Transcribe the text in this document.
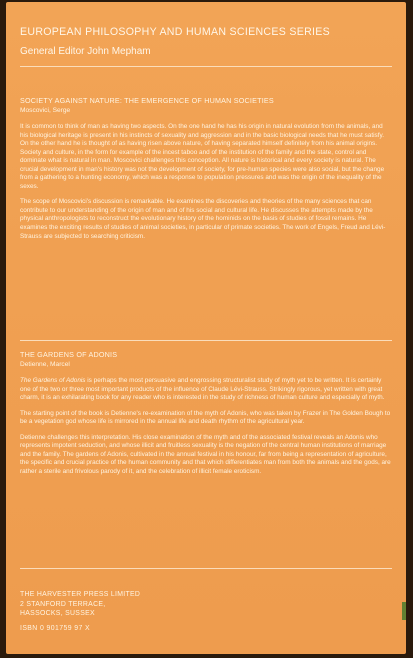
EUROPEAN PHILOSOPHY AND HUMAN SCIENCES SERIES
General Editor John Mepham

SOCIETY AGAINST NATURE: THE EMERGENCE OF HUMAN SOCIETIES

Moscovici, Serge

It is common to think of man as having two aspects. On the one hand he has his origin in natural evolution from the animals, and his biological heritage is present in his instincts of sexuality and aggression and in the basic biological needs that he must satisfy. On the other hand he is thought of as having risen above nature, of having separated himself definitely from his animal origins. Society and culture, in the form for example of the incest taboo and of the institution of the family and the state, control and dominate what is natural in man. Moscovici challenges this conception. All nature is historical and every society is natural. The crucial development in man's history was not the development of society, for pre-human species were also social, but the change from a gathering to a hunting economy, which was a response to population pressures and was the origin of the inequality of the sexes.

The scope of Moscovici's discussion is remarkable. He examines the discoveries and theories of the many sciences that can contribute to our understanding of the origin of man and of his social and cultural life. He discusses the attempts made by the physical anthropologists to reconstruct the evolutionary history of the hominids on the basis of studies of fossil remains. He examines the exciting results of studies of animal societies, in particular of primate societies. The work of Engels, Freud and Lévi-Strauss are subjected to searching criticism.

THE GARDENS OF ADONIS

Detienne, Marcel

The Gardens of Adonis is perhaps the most persuasive and engrossing structuralist study of myth yet to be written. It is certainly one of the two or three most important products of the influence of Claude Lévi-Strauss. Strikingly rigorous, yet written with great charm, it is an exhilarating book for any reader who is interested in the study of richness of human culture and especially of myth.

The starting point of the book is Detienne's re-examination of the myth of Adonis, who was taken by Frazer in The Golden Bough to be a vegetation god whose life is mirrored in the annual life and death rhythm of the agricultural year.

Detienne challenges this interpretation. His close examination of the myth and of the associated festival reveals an Adonis who represents impotent seduction, and whose illicit and fruitless sexuality is the negation of the central human institutions of marriage and the family. The gardens of Adonis, cultivated in the annual festival in his honour, far from being a representation of agriculture, the specific and crucial practice of the human community and that which differentiates man from both the animals and the gods, are rather a sterile and frivolous parody of it, and the celebration of illicit female eroticism.

THE HARVESTER PRESS LIMITED
2 STANFORD TERRACE,
HASSOCKS, SUSSEX
ISBN 0 901759 97 X
